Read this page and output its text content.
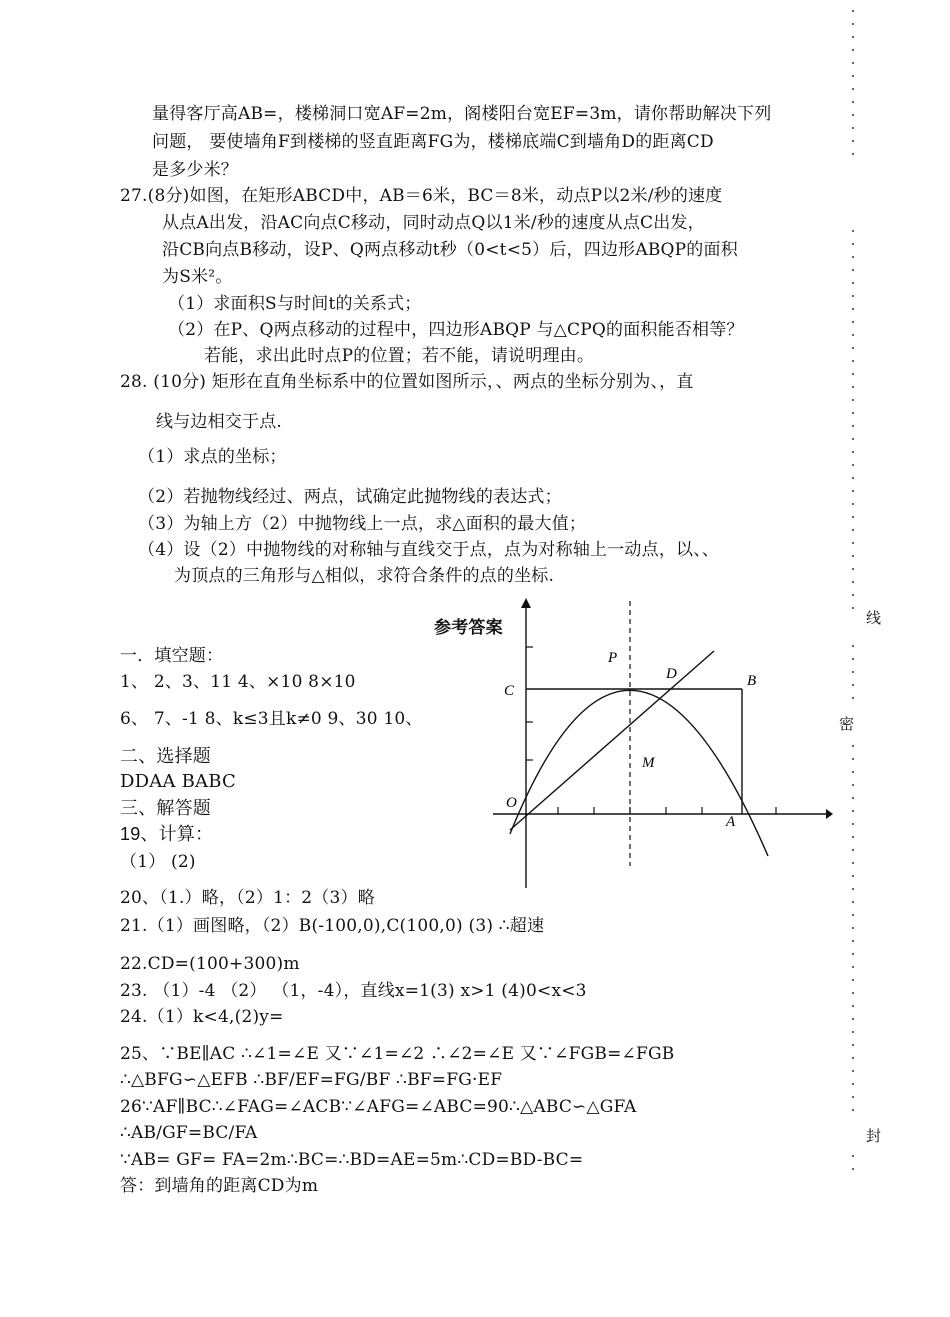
量得客厅高AB=，楼梯洞口宽AF=2m，阁楼阳台宽EF=3m，请你帮助解决下列
问题， 要使墙角F到楼梯的竖直距离FG为，楼梯底端C到墙角D的距离CD
是多少米？
27.(8分)如图，在矩形ABCD中，AB＝6米，BC＝8米，动点P以2米/秒的速度
从点A出发，沿AC向点C移动，同时动点Q以1米/秒的速度从点C出发，
沿CB向点B移动，设P、Q两点移动t秒（0<t<5）后，四边形ABQP的面积
为S米²。
（1）求面积S与时间t的关系式；
（2）在P、Q两点移动的过程中，四边形ABQP 与△CPQ的面积能否相等？
若能，求出此时点P的位置；若不能，请说明理由。
28. (10分) 矩形在直角坐标系中的位置如图所示，、两点的坐标分别为、，直
线与边相交于点.
（1）求点的坐标；
（2）若抛物线经过、两点，试确定此抛物线的表达式；
（3）为轴上方（2）中抛物线上一点，求△面积的最大值；
（4）设（2）中抛物线的对称轴与直线交于点，点为对称轴上一动点，以、、
为顶点的三角形与△相似，求符合条件的点的坐标.
参考答案
一．填空题：
1、 2、3、11 4、×10 8×10
6、 7、-1 8、k≤3且k≠0 9、30 10、
二、选择题
DDAA BABC
三、解答题
19、计算：
（1） (2)
20、（1.）略，（2）1：2（3）略
21.（1）画图略，（2）B(-100,0),C(100,0) (3) ∴超速
22.CD=(100+300)m
23. （1）-4 （2） （1，-4），直线x=1(3) x>1 (4)0<x<3
24.（1）k<4,(2)y=
25、∵BE∥AC ∴∠1=∠E 又∵∠1=∠2 ∴∠2=∠E 又∵∠FGB=∠FGB
∴△BFG∽△EFB ∴BF/EF=FG/BF ∴BF=FG·EF
26∵AF∥BC∴∠FAG=∠ACB∵∠AFG=∠ABC=90∴△ABC∽△GFA
∴AB/GF=BC/FA
∵AB= GF= FA=2m∴BC=∴BD=AE=5m∴CD=BD-BC=
答：到墙角的距离CD为m
O
A
B
C
D
P
M
线
密
封
